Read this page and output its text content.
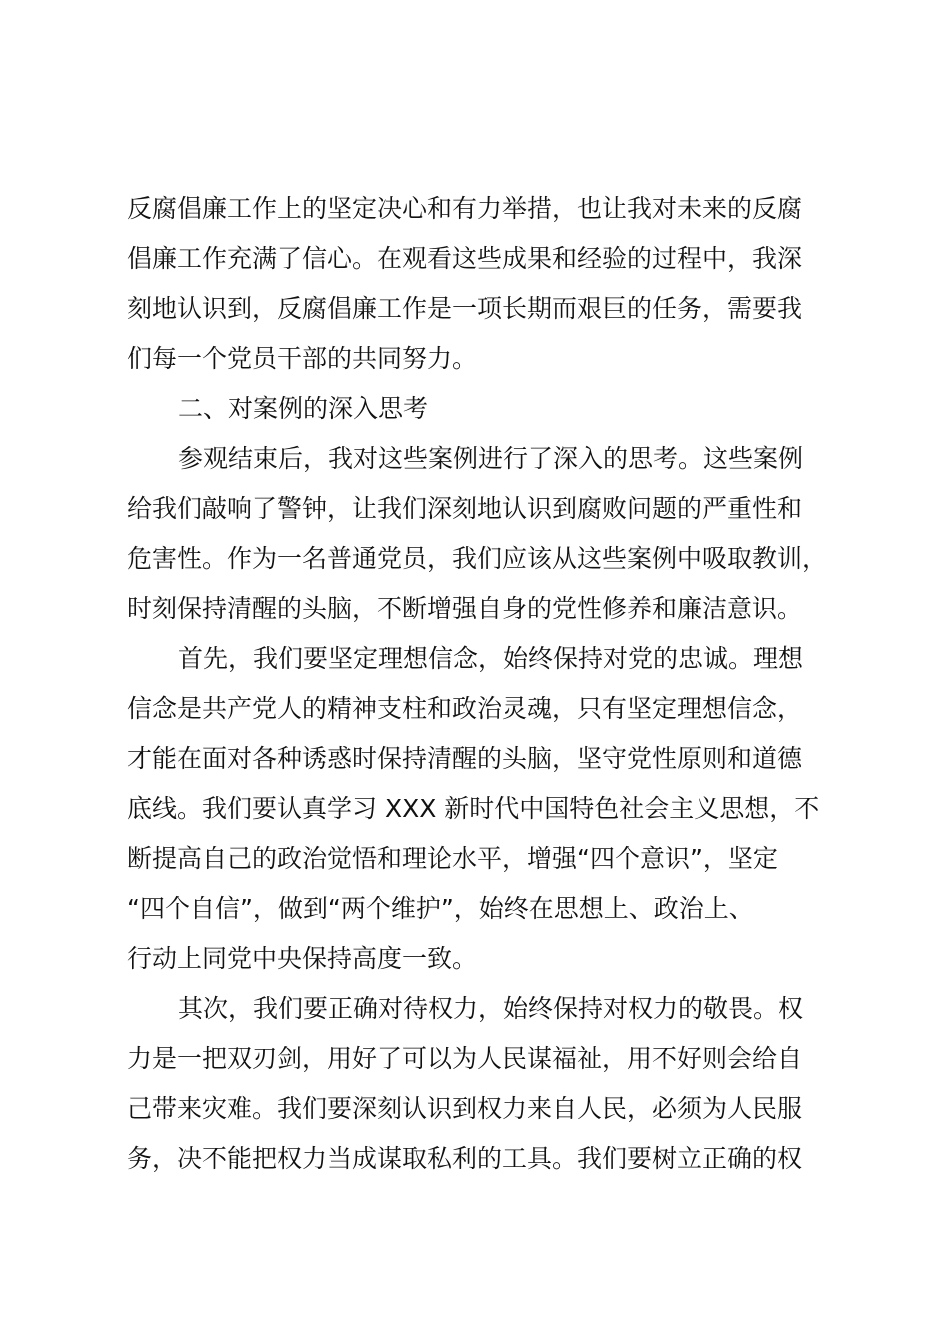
反腐倡廉工作上的坚定决心和有力举措，也让我对未来的反腐
倡廉工作充满了信心。在观看这些成果和经验的过程中，我深
刻地认识到，反腐倡廉工作是一项长期而艰巨的任务，需要我
们每一个党员干部的共同努力。
二、对案例的深入思考
参观结束后，我对这些案例进行了深入的思考。这些案例
给我们敲响了警钟，让我们深刻地认识到腐败问题的严重性和
危害性。作为一名普通党员，我们应该从这些案例中吸取教训，
时刻保持清醒的头脑，不断增强自身的党性修养和廉洁意识。
首先，我们要坚定理想信念，始终保持对党的忠诚。理想
信念是共产党人的精神支柱和政治灵魂，只有坚定理想信念，
才能在面对各种诱惑时保持清醒的头脑，坚守党性原则和道德
底线。我们要认真学习 XXX 新时代中国特色社会主义思想，不
断提高自己的政治觉悟和理论水平，增强“四个意识”，坚定
“四个自信”，做到“两个维护”，始终在思想上、政治上、
行动上同党中央保持高度一致。
其次，我们要正确对待权力，始终保持对权力的敬畏。权
力是一把双刃剑，用好了可以为人民谋福祉，用不好则会给自
己带来灾难。我们要深刻认识到权力来自人民，必须为人民服
务，决不能把权力当成谋取私利的工具。我们要树立正确的权
